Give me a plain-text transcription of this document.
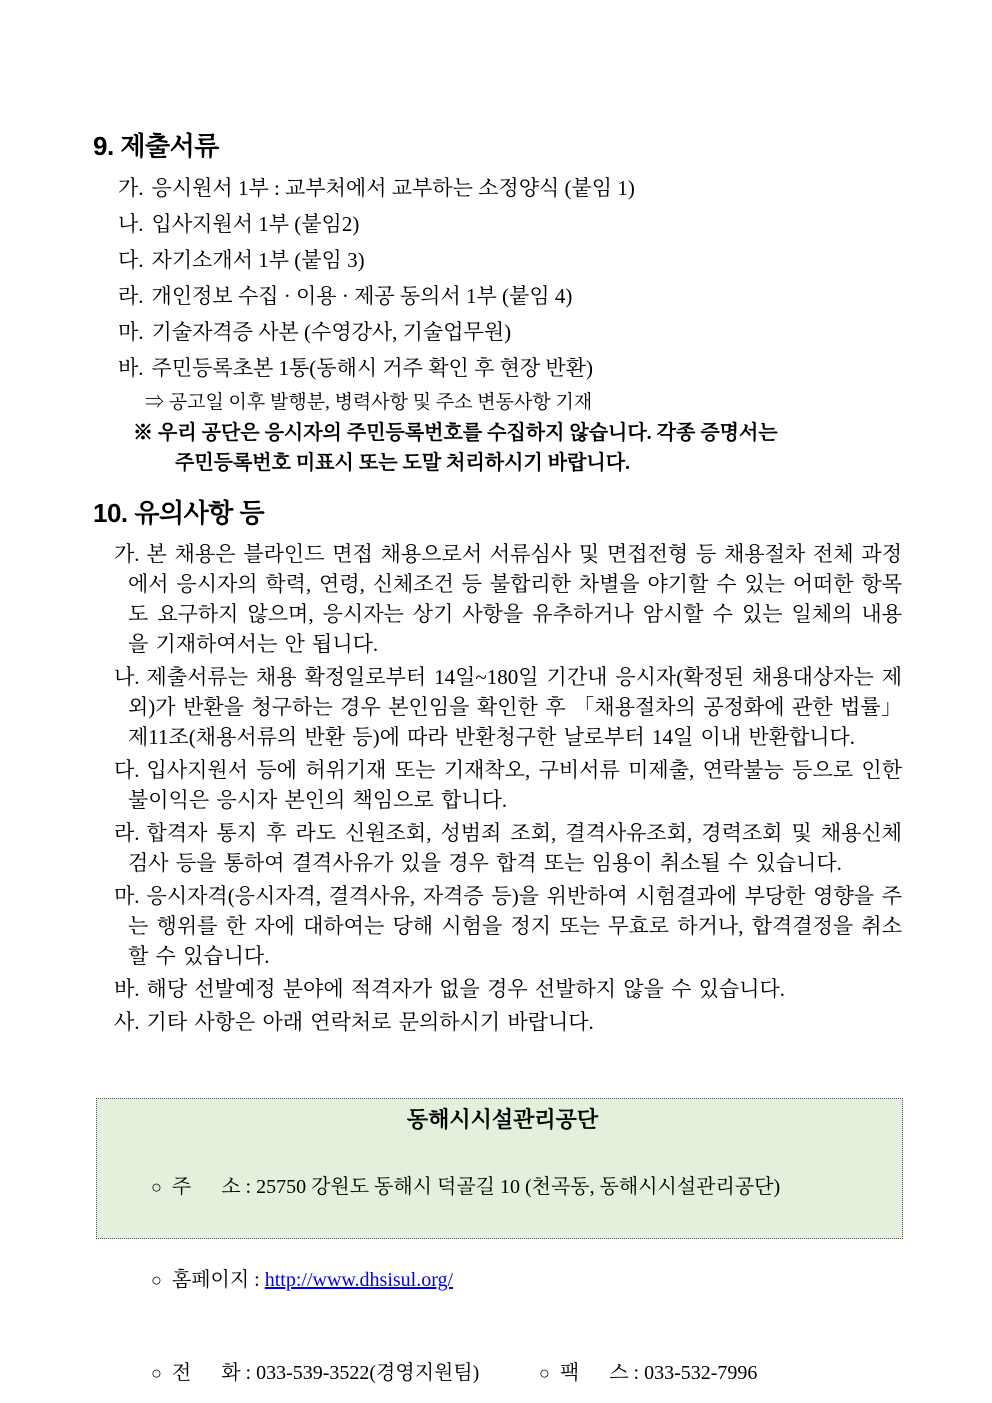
9. 제출서류
가. 응시원서 1부 : 교부처에서 교부하는 소정양식 (붙임 1)
나. 입사지원서 1부 (붙임2)
다. 자기소개서 1부 (붙임 3)
라. 개인정보 수집 · 이용 · 제공 동의서 1부 (붙임 4)
마. 기술자격증 사본 (수영강사, 기술업무원)
바. 주민등록초본 1통(동해시 거주 확인 후 현장 반환)
⇒ 공고일 이후 발행분, 병력사항 및 주소 변동사항 기재
※ 우리 공단은 응시자의 주민등록번호를 수집하지 않습니다. 각종 증명서는
주민등록번호 미표시 또는 도말 처리하시기 바랍니다.
10. 유의사항 등
가. 본 채용은 블라인드 면접 채용으로서 서류심사 및 면접전형 등 채용절차 전체 과정에서 응시자의 학력, 연령, 신체조건 등 불합리한 차별을 야기할 수 있는 어떠한 항목도 요구하지 않으며, 응시자는 상기 사항을 유추하거나 암시할 수 있는 일체의 내용을 기재하여서는 안 됩니다.
나. 제출서류는 채용 확정일로부터 14일~180일 기간내 응시자(확정된 채용대상자는 제외)가 반환을 청구하는 경우 본인임을 확인한 후 「채용절차의 공정화에 관한 법률」 제11조(채용서류의 반환 등)에 따라 반환청구한 날로부터 14일 이내 반환합니다.
다. 입사지원서 등에 허위기재 또는 기재착오, 구비서류 미제출, 연락불능 등으로 인한 불이익은 응시자 본인의 책임으로 합니다.
라. 합격자 통지 후 라도 신원조회, 성범죄 조회, 결격사유조회, 경력조회 및 채용신체검사 등을 통하여 결격사유가 있을 경우 합격 또는 임용이 취소될 수 있습니다.
마. 응시자격(응시자격, 결격사유, 자격증 등)을 위반하여 시험결과에 부당한 영향을 주는 행위를 한 자에 대하여는 당해 시험을 정지 또는 무효로 하거나, 합격결정을 취소할 수 있습니다.
바. 해당 선발예정 분야에 적격자가 없을 경우 선발하지 않을 수 있습니다.
사. 기타 사항은 아래 연락처로 문의하시기 바랍니다.
동해시시설관리공단

○ 주      소 : 25750 강원도 동해시 덕골길 10 (천곡동, 동해시시설관리공단)

○ 홈페이지 : http://www.dhsisul.org/

○ 전      화 : 033-539-3522(경영지원팀)	○ 팩      스 : 033-532-7996
